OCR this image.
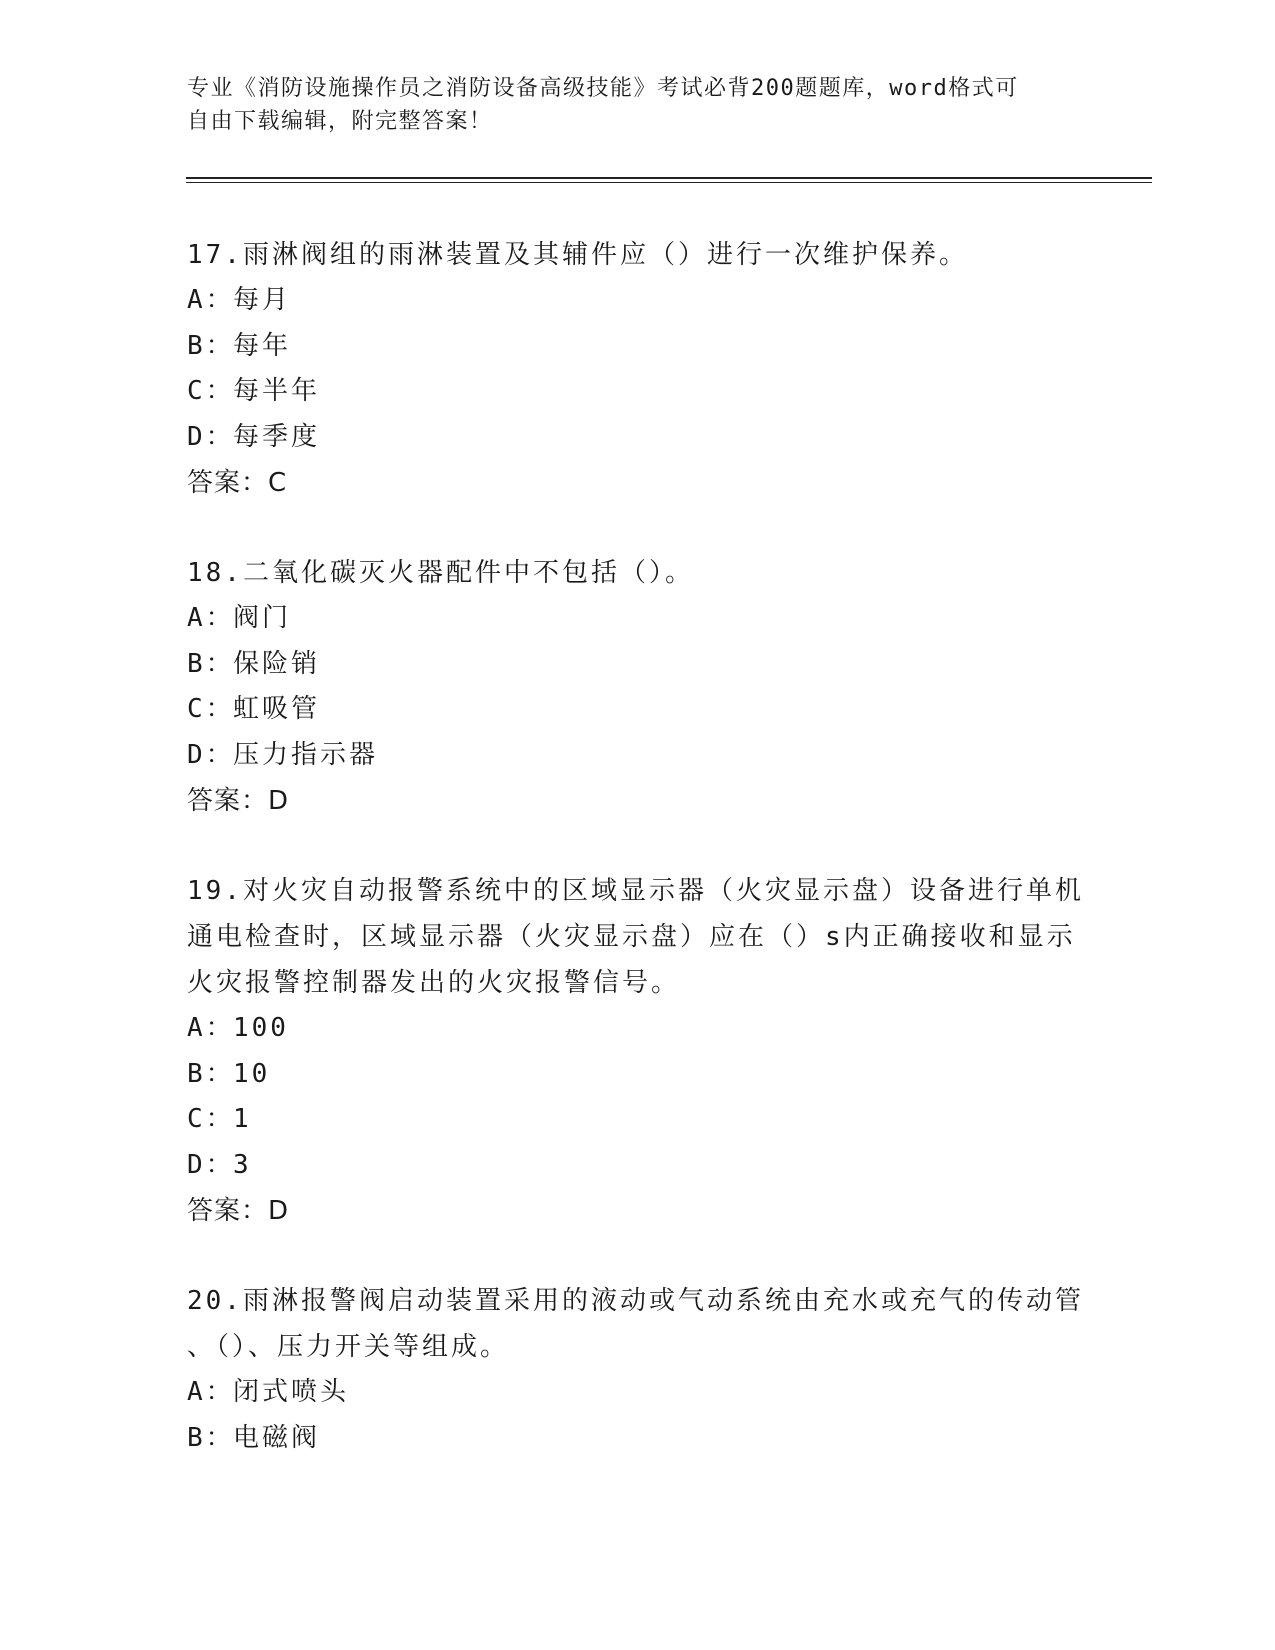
专业《消防设施操作员之消防设备高级技能》考试必背200题题库，word格式可
自由下载编辑，附完整答案！
17.雨淋阀组的雨淋装置及其辅件应（）进行一次维护保养。
A：每月
B：每年
C：每半年
D：每季度
答案：C
18.二氧化碳灭火器配件中不包括（）。
A：阀门
B：保险销
C：虹吸管
D：压力指示器
答案：D
19.对火灾自动报警系统中的区域显示器（火灾显示盘）设备进行单机
通电检查时，区域显示器（火灾显示盘）应在（）s内正确接收和显示
火灾报警控制器发出的火灾报警信号。
A：100
B：10
C：1
D：3
答案：D
20.雨淋报警阀启动装置采用的液动或气动系统由充水或充气的传动管
、（）、压力开关等组成。
A：闭式喷头
B：电磁阀
